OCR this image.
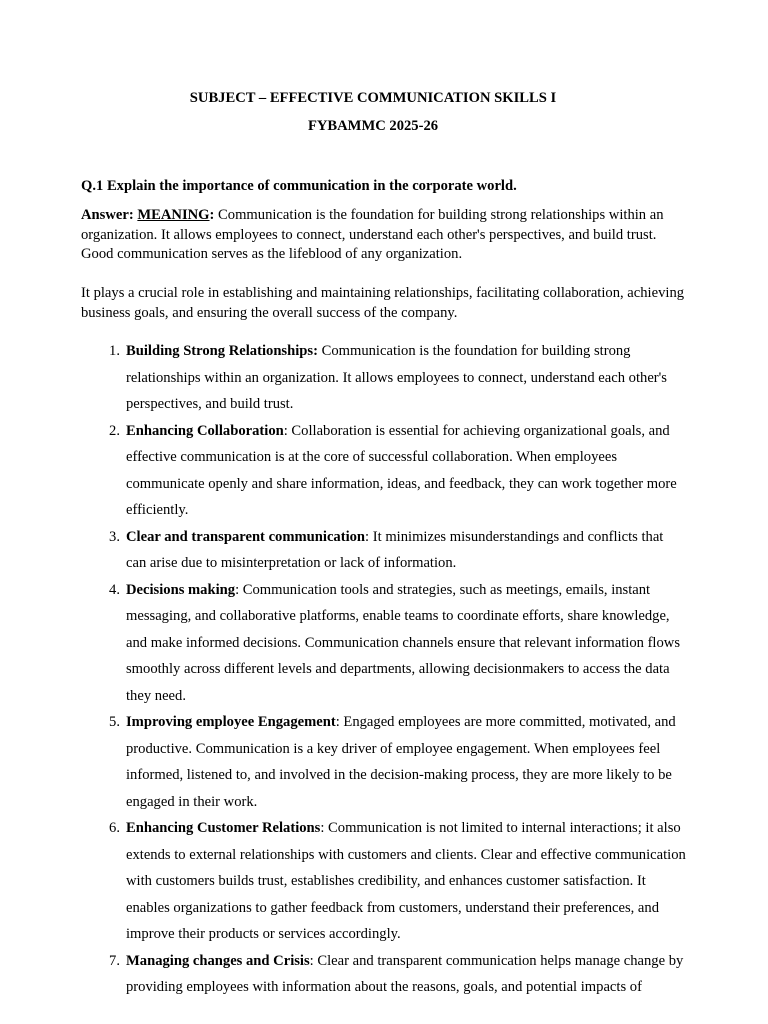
SUBJECT – EFFECTIVE COMMUNICATION SKILLS I
FYBAMMC 2025-26
Q.1 Explain the importance of communication in the corporate world.
Answer: MEANING: Communication is the foundation for building strong relationships within an organization. It allows employees to connect, understand each other's perspectives, and build trust. Good communication serves as the lifeblood of any organization.
It plays a crucial role in establishing and maintaining relationships, facilitating collaboration, achieving business goals, and ensuring the overall success of the company.
1. Building Strong Relationships: Communication is the foundation for building strong relationships within an organization. It allows employees to connect, understand each other's perspectives, and build trust.
2. Enhancing Collaboration: Collaboration is essential for achieving organizational goals, and effective communication is at the core of successful collaboration. When employees communicate openly and share information, ideas, and feedback, they can work together more efficiently.
3. Clear and transparent communication: It minimizes misunderstandings and conflicts that can arise due to misinterpretation or lack of information.
4. Decisions making: Communication tools and strategies, such as meetings, emails, instant messaging, and collaborative platforms, enable teams to coordinate efforts, share knowledge, and make informed decisions. Communication channels ensure that relevant information flows smoothly across different levels and departments, allowing decisionmakers to access the data they need.
5. Improving employee Engagement: Engaged employees are more committed, motivated, and productive. Communication is a key driver of employee engagement. When employees feel informed, listened to, and involved in the decision-making process, they are more likely to be engaged in their work.
6. Enhancing Customer Relations: Communication is not limited to internal interactions; it also extends to external relationships with customers and clients. Clear and effective communication with customers builds trust, establishes credibility, and enhances customer satisfaction. It enables organizations to gather feedback from customers, understand their preferences, and improve their products or services accordingly.
7. Managing changes and Crisis: Clear and transparent communication helps manage change by providing employees with information about the reasons, goals, and potential impacts of
